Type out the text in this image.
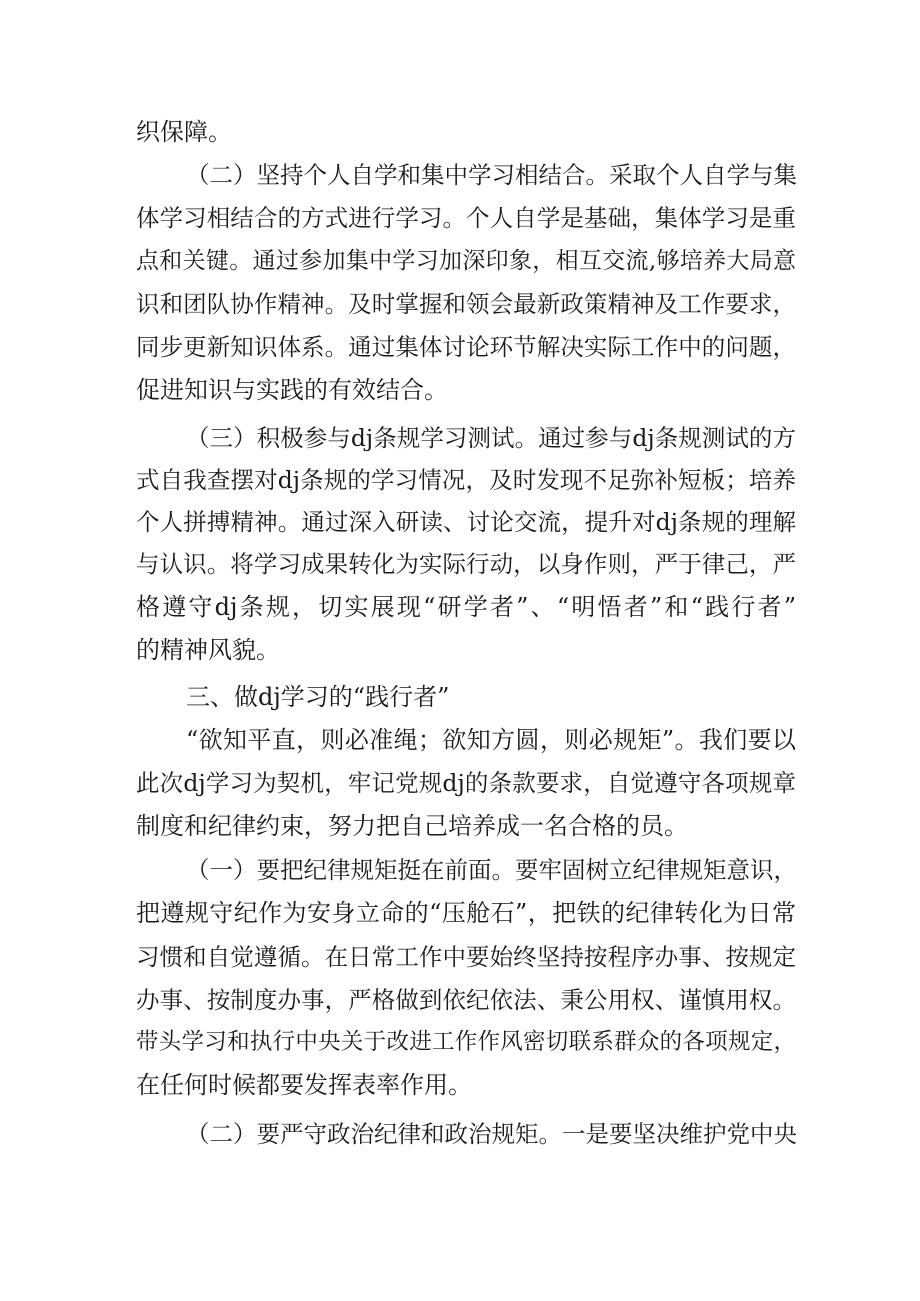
织保障。
（二）坚持个人自学和集中学习相结合。采取个人自学与集
体学习相结合的方式进行学习。个人自学是基础，集体学习是重
点和关键。通过参加集中学习加深印象，相互交流,够培养大局意
识和团队协作精神。及时掌握和领会最新政策精神及工作要求，
同步更新知识体系。通过集体讨论环节解决实际工作中的问题，
促进知识与实践的有效结合。
（三）积极参与dj条规学习测试。通过参与dj条规测试的方
式自我查摆对dj条规的学习情况，及时发现不足弥补短板；培养
个人拼搏精神。通过深入研读、讨论交流，提升对dj条规的理解
与认识。将学习成果转化为实际行动，以身作则，严于律己，严
格遵守dj条规，切实展现“研学者”、“明悟者”和“践行者”
的精神风貌。
三、做dj学习的“践行者”
“欲知平直，则必准绳；欲知方圆，则必规矩”。我们要以
此次dj学习为契机，牢记党规dj的条款要求，自觉遵守各项规章
制度和纪律约束，努力把自己培养成一名合格的员。
（一）要把纪律规矩挺在前面。要牢固树立纪律规矩意识，
把遵规守纪作为安身立命的“压舱石”，把铁的纪律转化为日常
习惯和自觉遵循。在日常工作中要始终坚持按程序办事、按规定
办事、按制度办事，严格做到依纪依法、秉公用权、谨慎用权。
带头学习和执行中央关于改进工作作风密切联系群众的各项规定，
在任何时候都要发挥表率作用。
（二）要严守政治纪律和政治规矩。一是要坚决维护党中央
